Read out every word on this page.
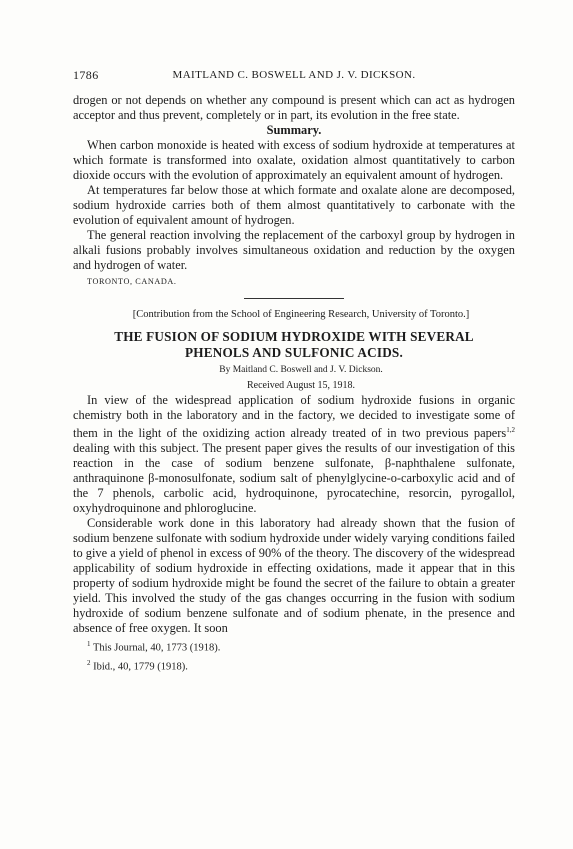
1786	MAITLAND C. BOSWELL AND J. V. DICKSON.

drogen or not depends on whether any compound is present which can act as hydrogen acceptor and thus prevent, completely or in part, its evolution in the free state.

Summary.

When carbon monoxide is heated with excess of sodium hydroxide at temperatures at which formate is transformed into oxalate, oxidation almost quantitatively to carbon dioxide occurs with the evolution of approximately an equivalent amount of hydrogen.

At temperatures far below those at which formate and oxalate alone are decomposed, sodium hydroxide carries both of them almost quantitatively to carbonate with the evolution of equivalent amount of hydrogen.

The general reaction involving the replacement of the carboxyl group by hydrogen in alkali fusions probably involves simultaneous oxidation and reduction by the oxygen and hydrogen of water.

TORONTO, CANADA.

[Contribution from the School of Engineering Research, University of Toronto.]

THE FUSION OF SODIUM HYDROXIDE WITH SEVERAL
PHENOLS AND SULFONIC ACIDS.

By Maitland C. Boswell and J. V. Dickson.

Received August 15, 1918.

In view of the widespread application of sodium hydroxide fusions in organic chemistry both in the laboratory and in the factory, we decided to investigate some of them in the light of the oxidizing action already treated of in two previous papers$^{1,2}$ dealing with this subject. The present paper gives the results of our investigation of this reaction in the case of sodium benzene sulfonate, β-naphthalene sulfonate, anthraquinone β-monosulfonate, sodium salt of phenylglycine-o-carboxylic acid and of the 7 phenols, carbolic acid, hydroquinone, pyrocatechine, resorcin, pyrogallol, oxyhydroquinone and phloroglucine.

Considerable work done in this laboratory had already shown that the fusion of sodium benzene sulfonate with sodium hydroxide under widely varying conditions failed to give a yield of phenol in excess of 90% of the theory. The discovery of the widespread applicability of sodium hydroxide in effecting oxidations, made it appear that in this property of sodium hydroxide might be found the secret of the failure to obtain a greater yield. This involved the study of the gas changes occurring in the fusion with sodium hydroxide of sodium benzene sulfonate and of sodium phenate, in the presence and absence of free oxygen. It soon

$^1$ This Journal, 40, 1773 (1918).
$^2$ Ibid., 40, 1779 (1918).
